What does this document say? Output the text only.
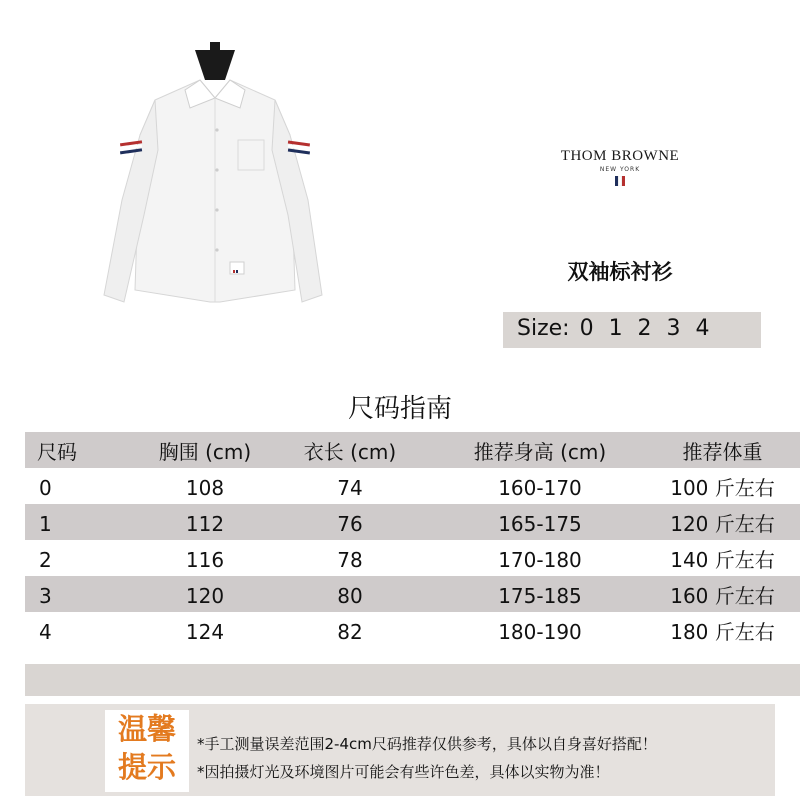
THOM BROWNE
NEW YORK
双袖标衬衫
Size: 0 1 2 3 4
尺码指南
尺码	胸围 (cm)	衣长 (cm)	推荐身高 (cm)	推荐体重
0	108	74	160-170	100 斤左右
1	112	76	165-175	120 斤左右
2	116	78	170-180	140 斤左右
3	120	80	175-185	160 斤左右
4	124	82	180-190	180 斤左右
温馨
提示
*手工测量误差范围2-4cm尺码推荐仅供参考，具体以自身喜好搭配！
*因拍摄灯光及环境图片可能会有些许色差，具体以实物为准！
